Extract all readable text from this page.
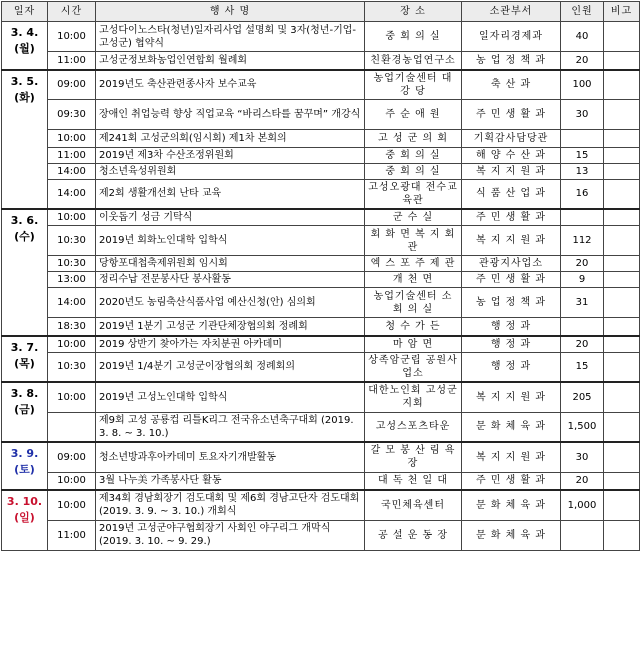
일자	시간	행 사 명	장 소	소관부서	인원	비고

3. 4.
(월)	10:00	고성다이노스타(청년)일자리사업 설명회 및 3자(청년-기업-고성군) 협약식	중 회 의 실	일자리경제과	40	
	11:00	고성군정보화농업인연합회 월례회	친환경농업연구소	농 업 정 책 과	20	

3. 5.
(화)	09:00	2019년도 축산관련종사자 보수교육	농업기술센터 대 강 당	축 산 과	100	
	09:30	장애인 취업능력 향상 직업교육 “바리스타를 꿈꾸며” 개강식	주 순 애 원	주 민 생 활 과	30	
	10:00	제241회 고성군의회(임시회) 제1차 본회의	고 성 군 의 회	기획감사담당관		
	11:00	2019년 제3차 수산조정위원회	중 회 의 실	해 양 수 산 과	15	
	14:00	청소년육성위원회	중 회 의 실	복 지 지 원 과	13	
	14:00	제2회 생활개선회 난타 교육	고성오광대 전수교육관	식 품 산 업 과	16	

3. 6.
(수)	10:00	이웃돕기 성금 기탁식	군 수 실	주 민 생 활 과		
	10:30	2019년 회화노인대학 입학식	회 화 면 복 지 회 관	복 지 지 원 과	112	
	10:30	당항포대첩축제위원회 임시회	엑 스 포 주 제 관	관광지사업소	20	
	13:00	정리수납 전문봉사단 봉사활동	개 천 면	주 민 생 활 과	9	
	14:00	2020년도 농림축산식품사업 예산신청(안) 심의회	농업기술센터 소 회 의 실	농 업 정 책 과	31	
	18:30	2019년 1분기 고성군 기관단체장협의회 정례회	청 수 가 든	행 정 과		

3. 7.
(목)	10:00	2019 상반기 찾아가는 자치분권 아카데미	마 암 면	행 정 과	20	
	10:30	2019년 1/4분기 고성군이장협의회 정례회의	상족암군립 공원사업소	행 정 과	15	

3. 8.
(금)	10:00	2019년 고성노인대학 입학식	대한노인회 고성군지회	복 지 지 원 과	205	
		제9회 고성 공룡컵 리틀K리그 전국유소년축구대회 (2019. 3. 8. ~ 3. 10.)	고성스포츠타운	문 화 체 육 과	1,500	

3. 9.
(토)	09:00	청소년방과후아카데미 토요자기개발활동	갈 모 봉 산 림 욕 장	복 지 지 원 과	30	
	10:00	3월 나누美 가족봉사단 활동	대 독 천 일 대	주 민 생 활 과	20	

3. 10.
(일)	10:00	제34회 경남회장기 검도대회 및 제6회 경남고단자 검도대회(2019. 3. 9. ~ 3. 10.) 개회식	국민체육센터	문 화 체 육 과	1,000	
	11:00	2019년 고성군야구협회장기 사회인 야구리그 개막식 (2019. 3. 10. ~ 9. 29.)	공 설 운 동 장	문 화 체 육 과		
